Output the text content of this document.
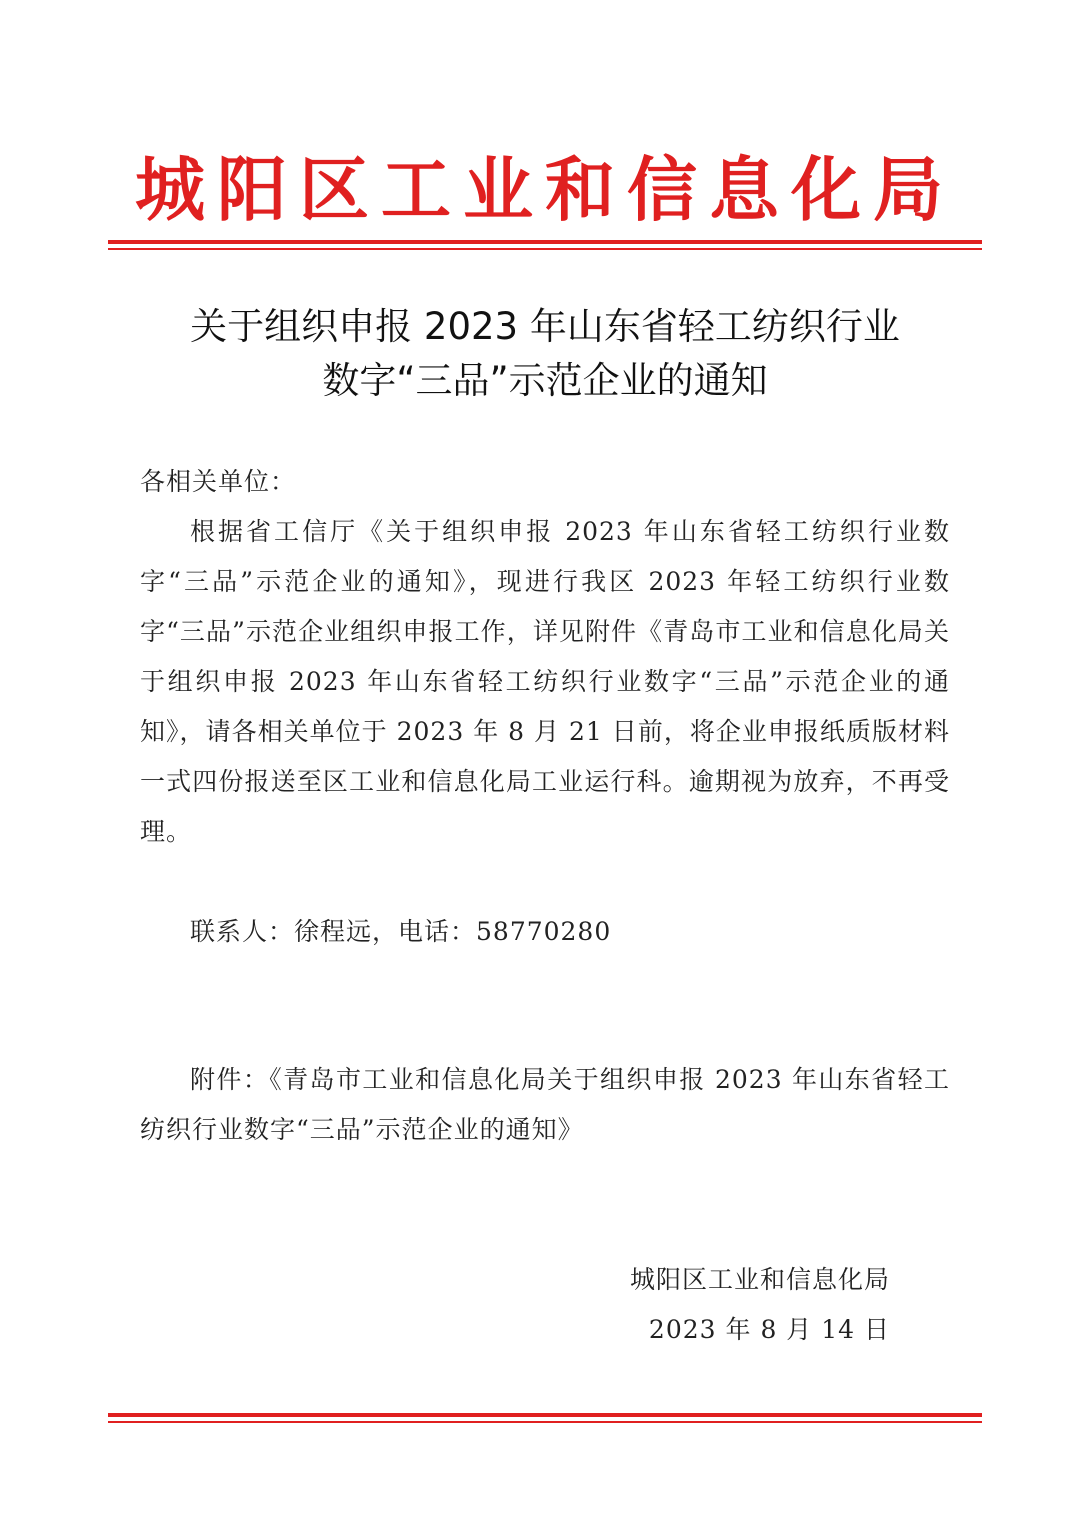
城阳区工业和信息化局
关于组织申报 2023 年山东省轻工纺织行业
数字“三品”示范企业的通知
各相关单位：
根据省工信厅《关于组织申报 2023 年山东省轻工纺织行业数字“三品”示范企业的通知》，现进行我区 2023 年轻工纺织行业数字“三品”示范企业组织申报工作，详见附件《青岛市工业和信息化局关于组织申报 2023 年山东省轻工纺织行业数字“三品”示范企业的通知》，请各相关单位于 2023 年 8 月 21 日前，将企业申报纸质版材料一式四份报送至区工业和信息化局工业运行科。逾期视为放弃，不再受理。
联系人：徐程远，电话：58770280
附件：《青岛市工业和信息化局关于组织申报 2023 年山东省轻工纺织行业数字“三品”示范企业的通知》
城阳区工业和信息化局
2023 年 8 月 14 日
